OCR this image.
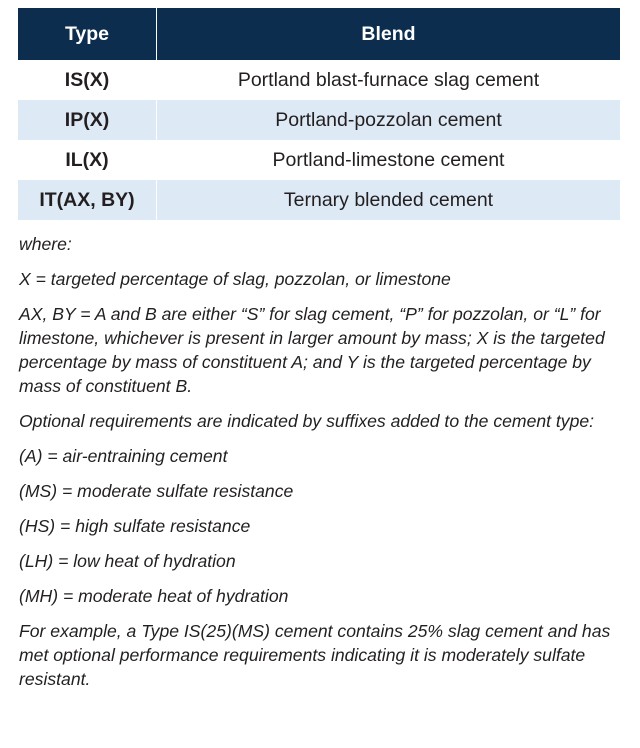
Type	Blend
IS(X)	Portland blast-furnace slag cement
IP(X)	Portland-pozzolan cement
IL(X)	Portland-limestone cement
IT(AX, BY)	Ternary blended cement

where:

X = targeted percentage of slag, pozzolan, or limestone

AX, BY = A and B are either “S” for slag cement, “P” for pozzolan, or “L” for limestone, whichever is present in larger amount by mass; X is the targeted percentage by mass of constituent A; and Y is the targeted percentage by mass of constituent B.

Optional requirements are indicated by suffixes added to the cement type:

(A) = air-entraining cement

(MS) = moderate sulfate resistance

(HS) = high sulfate resistance

(LH) = low heat of hydration

(MH) = moderate heat of hydration

For example, a Type IS(25)(MS) cement contains 25% slag cement and has met optional performance requirements indicating it is moderately sulfate resistant.
